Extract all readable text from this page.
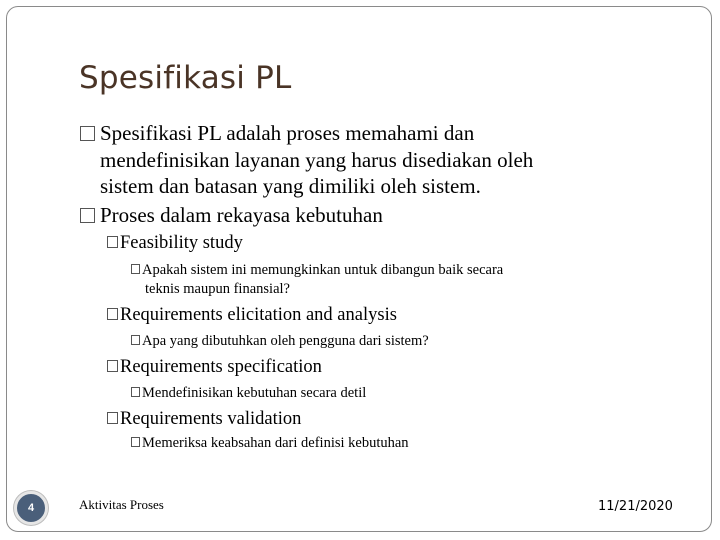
Spesifikasi PL
Spesifikasi PL adalah proses memahami dan
mendefinisikan layanan yang harus disediakan oleh
sistem dan batasan yang dimiliki oleh sistem.
Proses dalam rekayasa kebutuhan
Feasibility study
Apakah sistem ini memungkinkan untuk dibangun baik secara
teknis maupun finansial?
Requirements elicitation and analysis
Apa yang dibutuhkan oleh pengguna dari sistem?
Requirements specification
Mendefinisikan kebutuhan secara detil
Requirements validation
Memeriksa keabsahan dari definisi kebutuhan
4	Aktivitas Proses	11/21/2020
